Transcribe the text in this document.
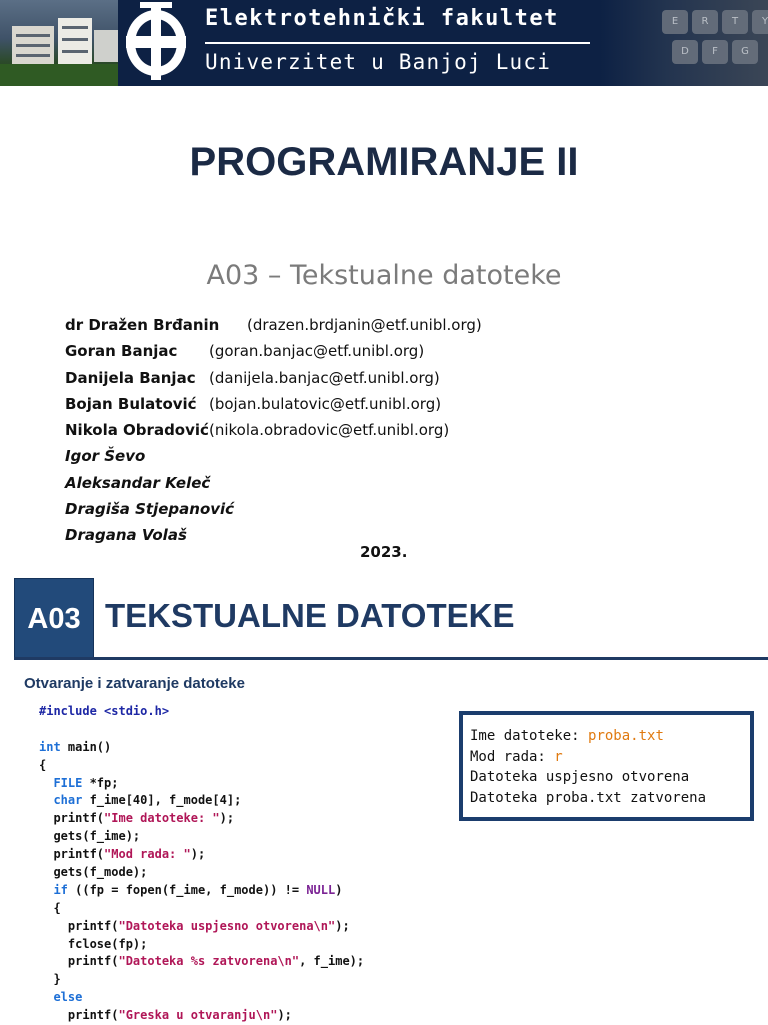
Elektrotehnički fakultet
Univerzitet u Banjoj Luci
E	R	T	Y
D	F	G
PROGRAMIRANJE II
A03 – Tekstualne datoteke
dr Dražen Brđanin (drazen.brdjanin@etf.unibl.org)
Goran Banjac (goran.banjac@etf.unibl.org)
Danijela Banjac (danijela.banjac@etf.unibl.org)
Bojan Bulatović (bojan.bulatovic@etf.unibl.org)
Nikola Obradović (nikola.obradovic@etf.unibl.org)
Igor Ševo
Aleksandar Keleč
Dragiša Stjepanović
Dragana Volaš
2023.
A03 TEKSTUALNE DATOTEKE
Otvaranje i zatvaranje datoteke
#include <stdio.h>

int main()
{
FILE *fp;
char f_ime[40], f_mode[4];
printf("Ime datoteke: ");
gets(f_ime);
printf("Mod rada: ");
gets(f_mode);
if ((fp = fopen(f_ime, f_mode)) != NULL)
{
printf("Datoteka uspjesno otvorena\n");
fclose(fp);
printf("Datoteka %s zatvorena\n", f_ime);
}
else
printf("Greska u otvaranju\n");
Ime datoteke: proba.txt
Mod rada: r
Datoteka uspjesno otvorena
Datoteka proba.txt zatvorena
